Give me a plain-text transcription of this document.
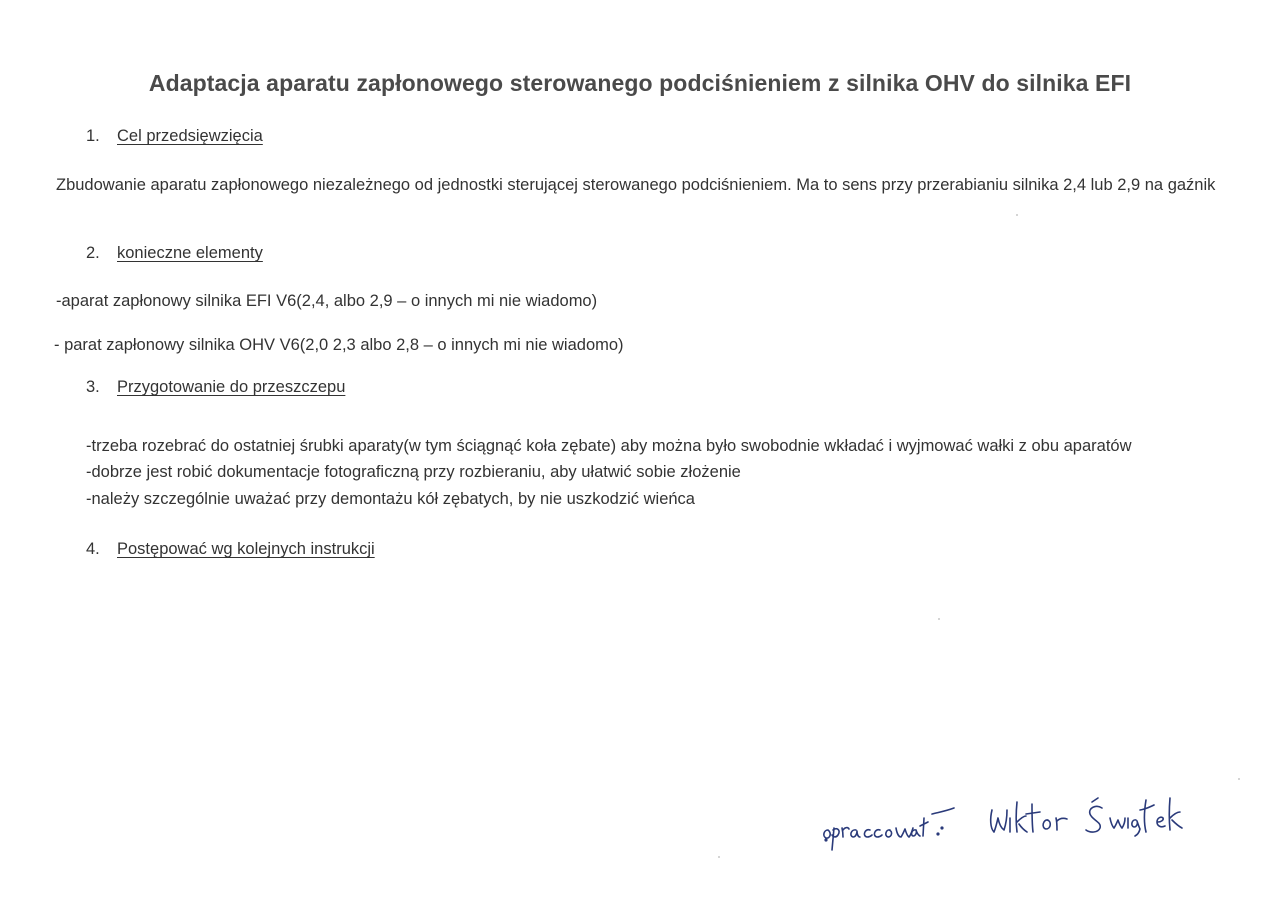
Adaptacja aparatu zapłonowego sterowanego podciśnieniem z silnika OHV do silnika EFI
1. Cel przedsięwzięcia
Zbudowanie aparatu zapłonowego niezależnego od jednostki sterującej sterowanego podciśnieniem. Ma to sens przy przerabianiu silnika 2,4 lub 2,9 na gaźnik
2. konieczne elementy
-aparat zapłonowy silnika EFI V6(2,4, albo 2,9 – o innych mi nie wiadomo)
- parat zapłonowy silnika OHV V6(2,0 2,3 albo 2,8 – o innych mi nie wiadomo)
3. Przygotowanie do przeszczepu
-trzeba rozebrać do ostatniej śrubki aparaty(w tym ściągnąć koła zębate) aby można było swobodnie wkładać i wyjmować wałki z obu aparatów
-dobrze jest robić dokumentacje fotograficzną przy rozbieraniu, aby ułatwić sobie złożenie
-należy szczególnie uważać przy demontażu kół zębatych, by nie uszkodzić wieńca
4. Postępować wg kolejnych instrukcji
